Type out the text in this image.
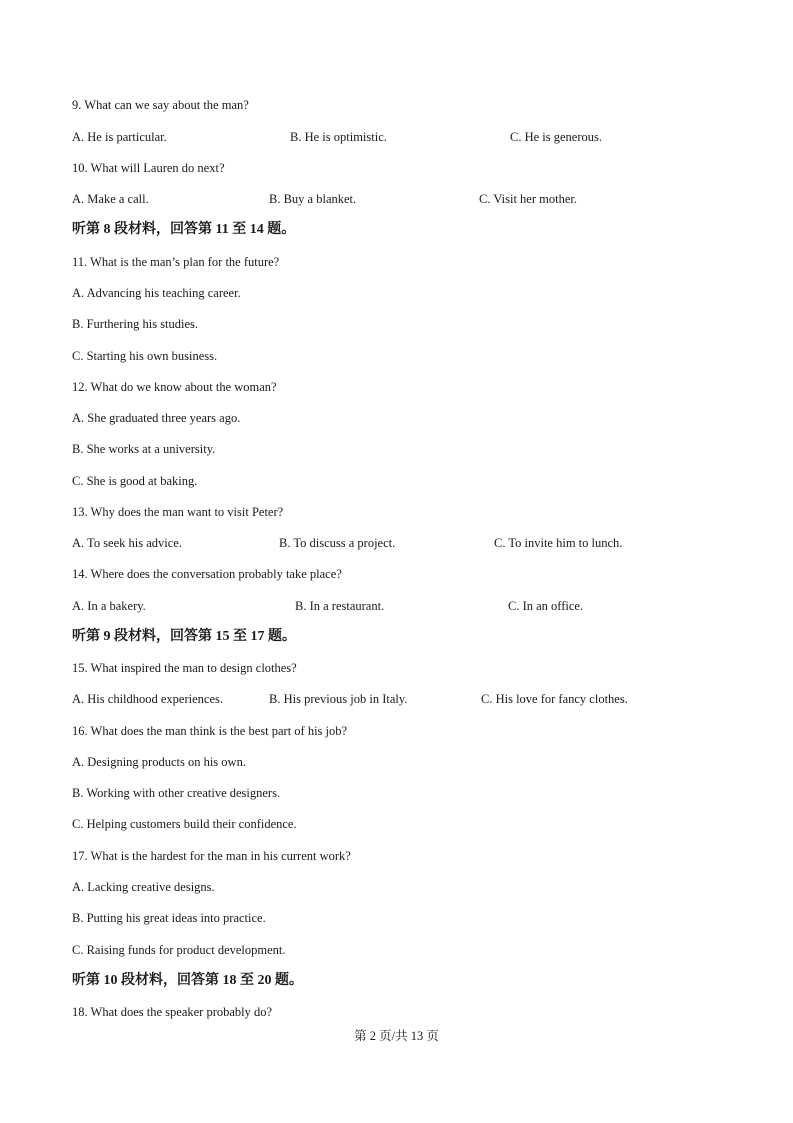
9. What can we say about the man?
A. He is particular.	B. He is optimistic.	C. He is generous.
10. What will Lauren do next?
A. Make a call.	B. Buy a blanket.	C. Visit her mother.
听第 8 段材料，回答第 11 至 14 题。
11. What is the man’s plan for the future?
A. Advancing his teaching career.
B. Furthering his studies.
C. Starting his own business.
12. What do we know about the woman?
A. She graduated three years ago.
B. She works at a university.
C. She is good at baking.
13. Why does the man want to visit Peter?
A. To seek his advice.	B. To discuss a project.	C. To invite him to lunch.
14. Where does the conversation probably take place?
A. In a bakery.	B. In a restaurant.	C. In an office.
听第 9 段材料，回答第 15 至 17 题。
15. What inspired the man to design clothes?
A. His childhood experiences.	B. His previous job in Italy.	C. His love for fancy clothes.
16. What does the man think is the best part of his job?
A. Designing products on his own.
B. Working with other creative designers.
C. Helping customers build their confidence.
17. What is the hardest for the man in his current work?
A. Lacking creative designs.
B. Putting his great ideas into practice.
C. Raising funds for product development.
听第 10 段材料，回答第 18 至 20 题。
18. What does the speaker probably do?
第 2 页/共 13 页
